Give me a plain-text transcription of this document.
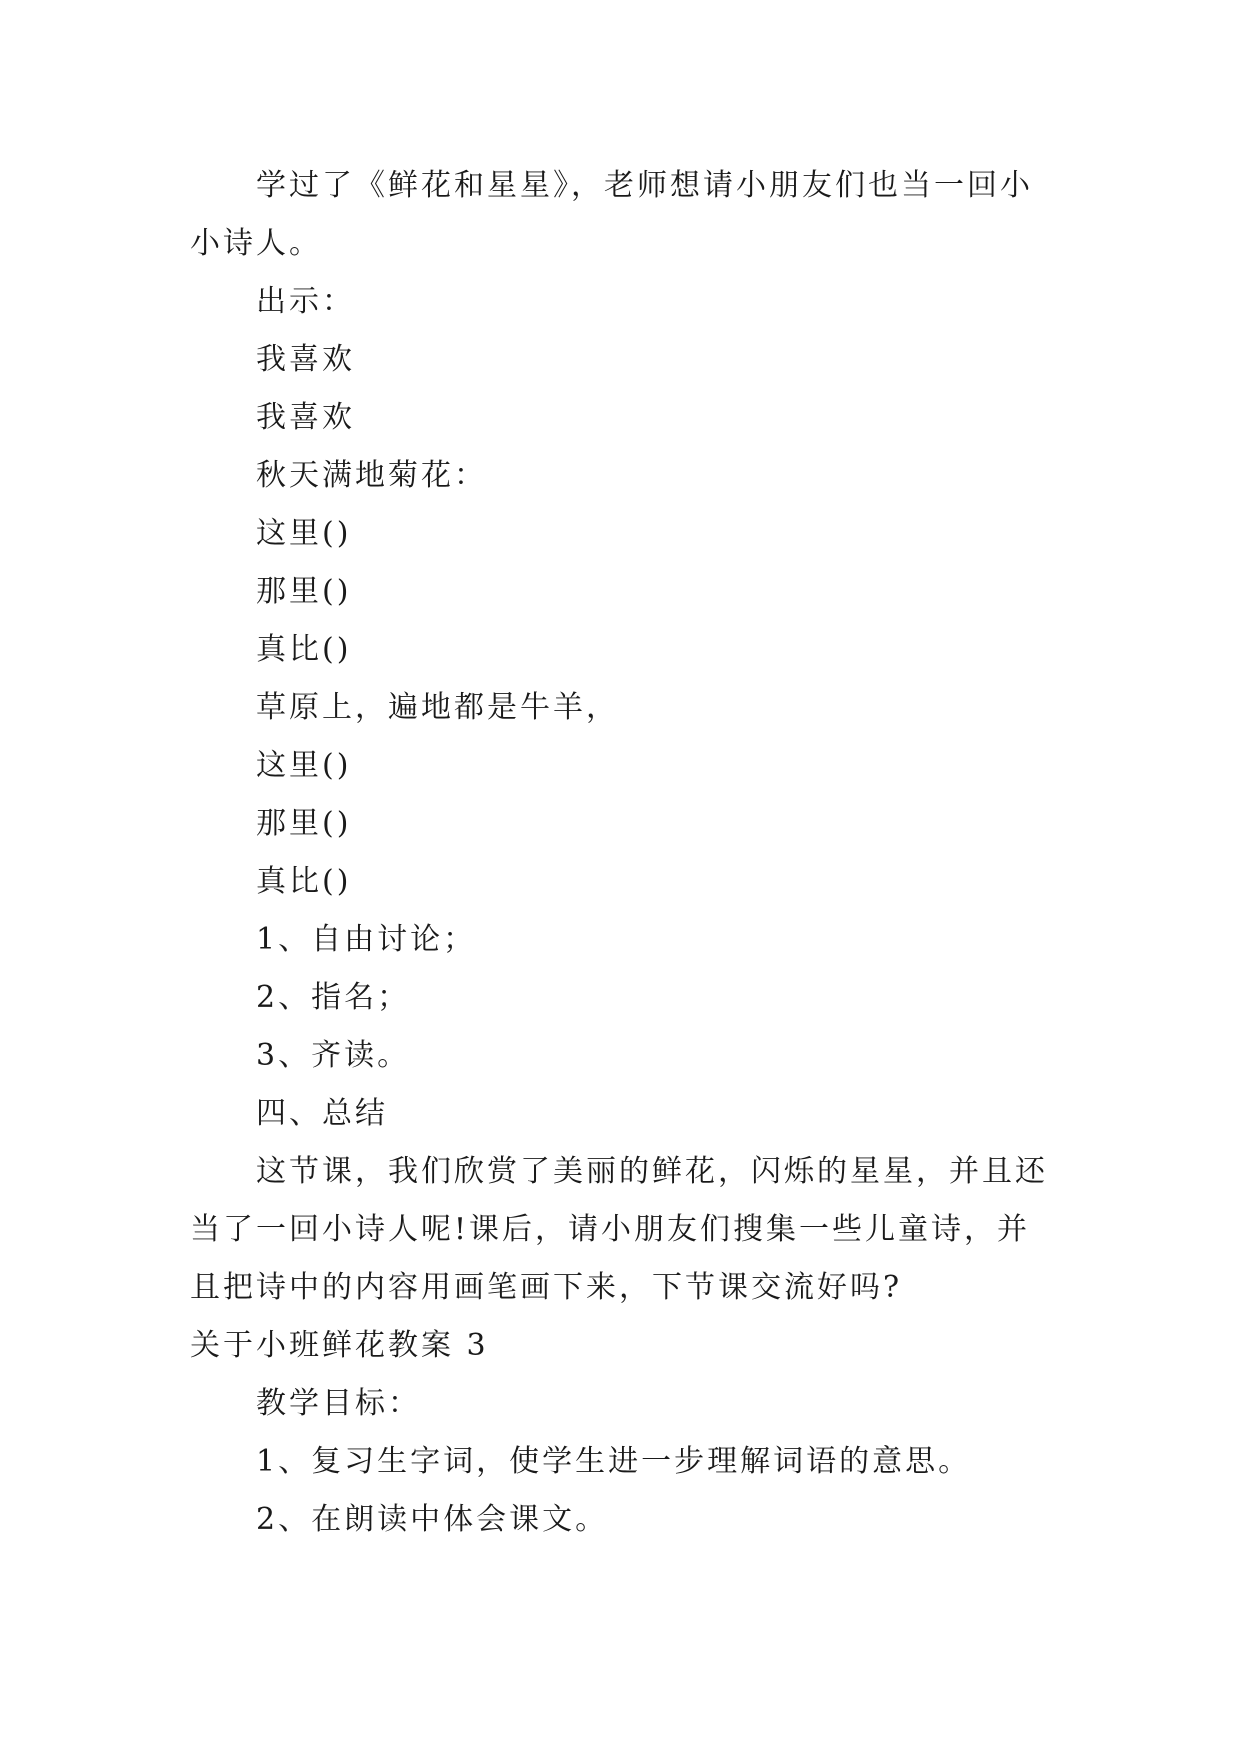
学过了《鲜花和星星》，老师想请小朋友们也当一回小小诗人。

出示：

我喜欢

我喜欢

秋天满地菊花：

这里()

那里()

真比()

草原上，遍地都是牛羊，

这里()

那里()

真比()

1、自由讨论；

2、指名；

3、齐读。

四、总结

这节课，我们欣赏了美丽的鲜花，闪烁的星星，并且还当了一回小诗人呢!课后，请小朋友们搜集一些儿童诗，并且把诗中的内容用画笔画下来，下节课交流好吗?

关于小班鲜花教案 3

教学目标：

1、复习生字词，使学生进一步理解词语的意思。

2、在朗读中体会课文。
